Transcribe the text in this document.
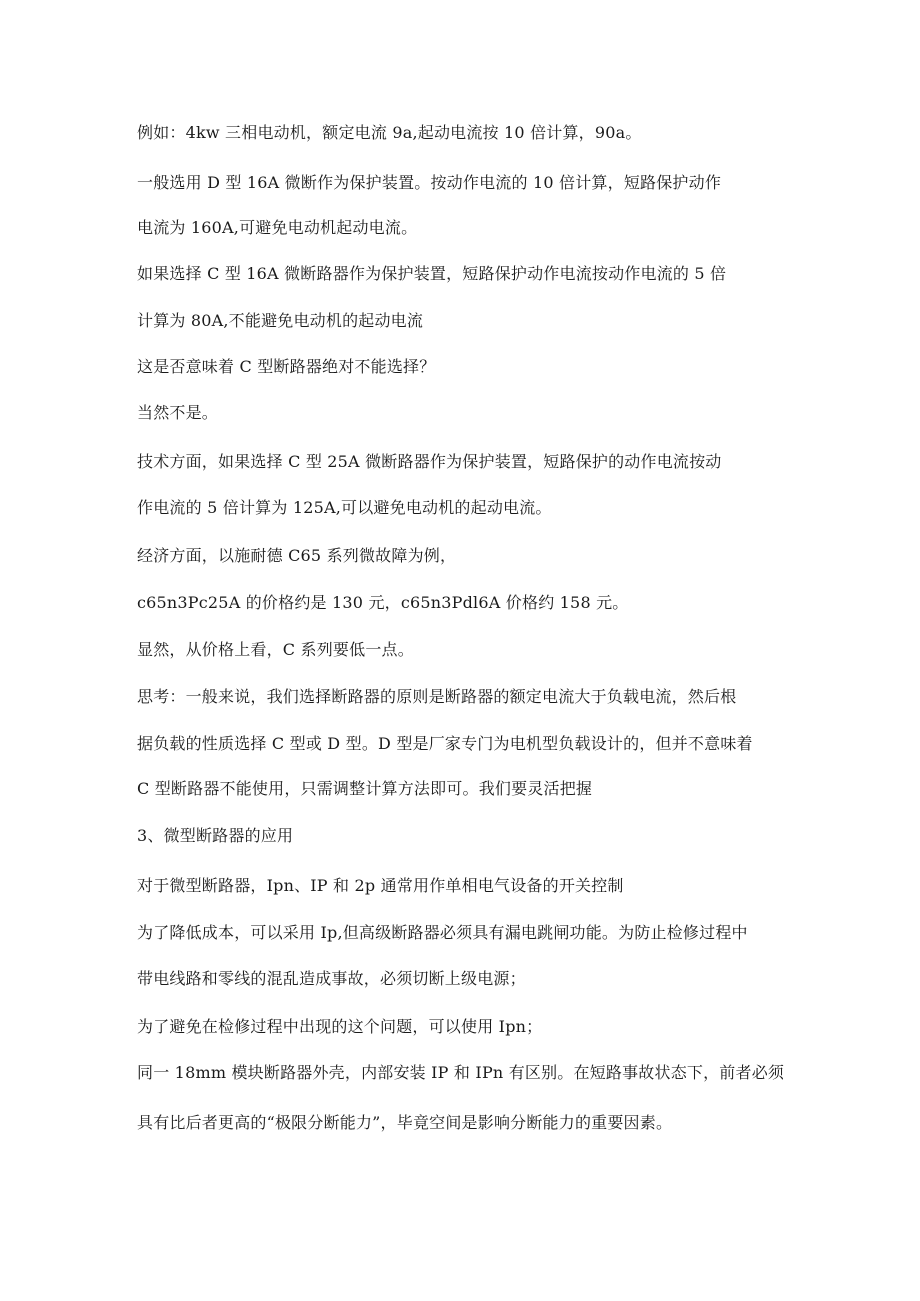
例如：4kw 三相电动机，额定电流 9a,起动电流按 10 倍计算，90a。

一般选用 D 型 16A 微断作为保护装置。按动作电流的 10 倍计算，短路保护动作

电流为 160A,可避免电动机起动电流。

如果选择 C 型 16A 微断路器作为保护装置，短路保护动作电流按动作电流的 5 倍

计算为 80A,不能避免电动机的起动电流

这是否意味着 C 型断路器绝对不能选择？

当然不是。

技术方面，如果选择 C 型 25A 微断路器作为保护装置，短路保护的动作电流按动

作电流的 5 倍计算为 125A,可以避免电动机的起动电流。

经济方面，以施耐德 C65 系列微故障为例，

c65n3Pc25A 的价格约是 130 元，c65n3Pdl6A 价格约 158 元。

显然，从价格上看，C 系列要低一点。

思考：一般来说，我们选择断路器的原则是断路器的额定电流大于负载电流，然后根

据负载的性质选择 C 型或 D 型。D 型是厂家专门为电机型负载设计的，但并不意味着

C 型断路器不能使用，只需调整计算方法即可。我们要灵活把握

3、微型断路器的应用

对于微型断路器，Ipn、IP 和 2p 通常用作单相电气设备的开关控制

为了降低成本，可以采用 Ip,但高级断路器必须具有漏电跳闸功能。为防止检修过程中

带电线路和零线的混乱造成事故，必须切断上级电源；

为了避免在检修过程中出现的这个问题，可以使用 Ipn；

同一 18mm 模块断路器外壳，内部安装 IP 和 IPn 有区别。在短路事故状态下，前者必须

具有比后者更高的“极限分断能力”，毕竟空间是影响分断能力的重要因素。
